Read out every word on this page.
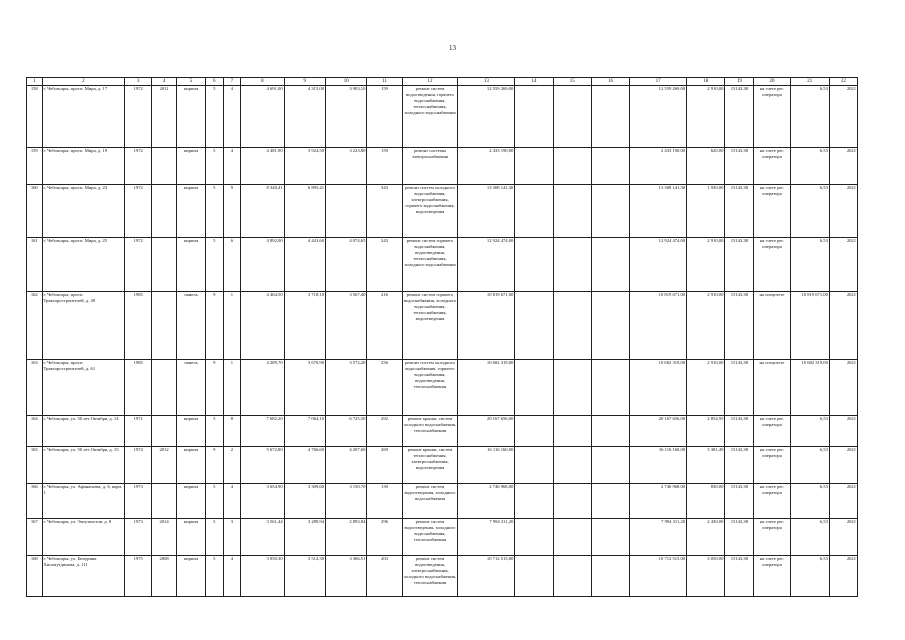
13
1	2	3	4	5	6	7	8	9	10	11	12	13	14	15	16	17	18	19	20	21	22
158	г. Чебоксары, просп. Мира, д. 17	1972	2011	кирпич	5	4	4 691,00	4 315,00	3 903,10	159	ремонт систем водоотведения, горячего водоснабжения, теплоснабжения, холодного водоснабжения	12 559 269,00				12 559 269,00	2 910,00	15143,38	на счете рег. оператора	6,53	2021
159	г. Чебоксары, просп. Мира, д. 19	1972		кирпич	5	4	4 481,90	3 924,50	3 223,80	159	ремонт системы электроснабжения	2 433 190,00				2 433 190,00	620,00	15143,38	на счете рег. оператора	6,53	2021
160	г. Чебоксары, просп. Мира, д. 23	1972		кирпич	5	9	8 340,41	6 895,41		343	ремонт систем холодного водоснабжения, электроснабжения, горячего водоснабжения, водоотведения	13 308 141,30				13 308 141,30	1 930,00	15143,38	на счете рег. оператора	6,53	2021
161	г. Чебоксары, просп. Мира, д. 25	1972		кирпич	5	6	4 892,00	4 441,60	4 074,65	243	ремонт систем горячего водоснабжения, водоотведения, теплоснабжения, холодного водоснабжения	12 924 474,00				12 924 474,00	2 910,00	15143,38	на счете рег. оператора	6,53	2021
162	г. Чебоксары, просп. Тракторостроителей, д. 49	1985		панель	9	1	4 464,50	3 718,10	3 567,40	216	ремонт систем горячего водоснабжения, холодного водоснабжения, теплоснабжения, водоотведения	10 819 671,00				10 819 671,00	2 910,00	15143,38	на спецсчете	10 819 671,00	2021
163	г. Чебоксары, просп. Тракторостроителей, д. 61	1985		панель	9	1	4 289,70	3 670,90	3 572,20	256	ремонт систем холодного водоснабжения, горячего водоснабжения, водоотведения, теплоснабжения	10 682 319,00				10 682 319,00	2 910,00	15143,38	на спецсчете	10 682 319,00	2021
164	г. Чебоксары, ул. 50 лет Октября, д. 14	1971		кирпич	5	8	7 682,20	7 064,10	6 725,50	292	ремонт крыши, систем холодного водоснабжения, теплоснабжения	20 167 656,00				20 167 656,00	2 854,95	15143,38	на счете рег. оператора	6,53	2021
165	г. Чебоксары, ул. 50 лет Октября, д. 15	1974	2012	кирпич	9	2	5 672,80	4 766,60	4 207,60	269	ремонт крыши, систем теплоснабжения, электроснабжения, водоотведения	16 116 160,00				16 116 160,00	3 381,49	15143,38	на счете рег. оператора	6,53	2021
166	г. Чебоксары, ул. Афанасьева, д. 6, корп. 1	1973		кирпич	5	4	3 654,90	3 309,60	3 150,70	139	ремонт систем водоотведения, холодного водоснабжения	2 746 968,00				2 746 968,00	830,00	15143,38	на счете рег. оператора	6,53	2021
167	г. Чебоксары, ул. Энтузиастов, д. 8	1973	2014	кирпич	5	3	3 561,44	3 289,94	2 893,84	296	ремонт систем водоотведения, холодного водоснабжения, теплоснабжения	7 994 311,20				7 994 311,20	2 430,00	15143,38	на счете рег. оператора	6,53	2021
168	г. Чебоксары, ул. Бичурина Хисамутдинова, д. 111	1975	2008	кирпич	5	4	3 850,30	3 512,30	3 366,51	203	ремонт систем водоотведения, электроснабжения, холодного водоснабжения, теплоснабжения	10 712 515,00				10 712 515,00	3 050,00	15143,38	на счете рег. оператора	6,53	2021
